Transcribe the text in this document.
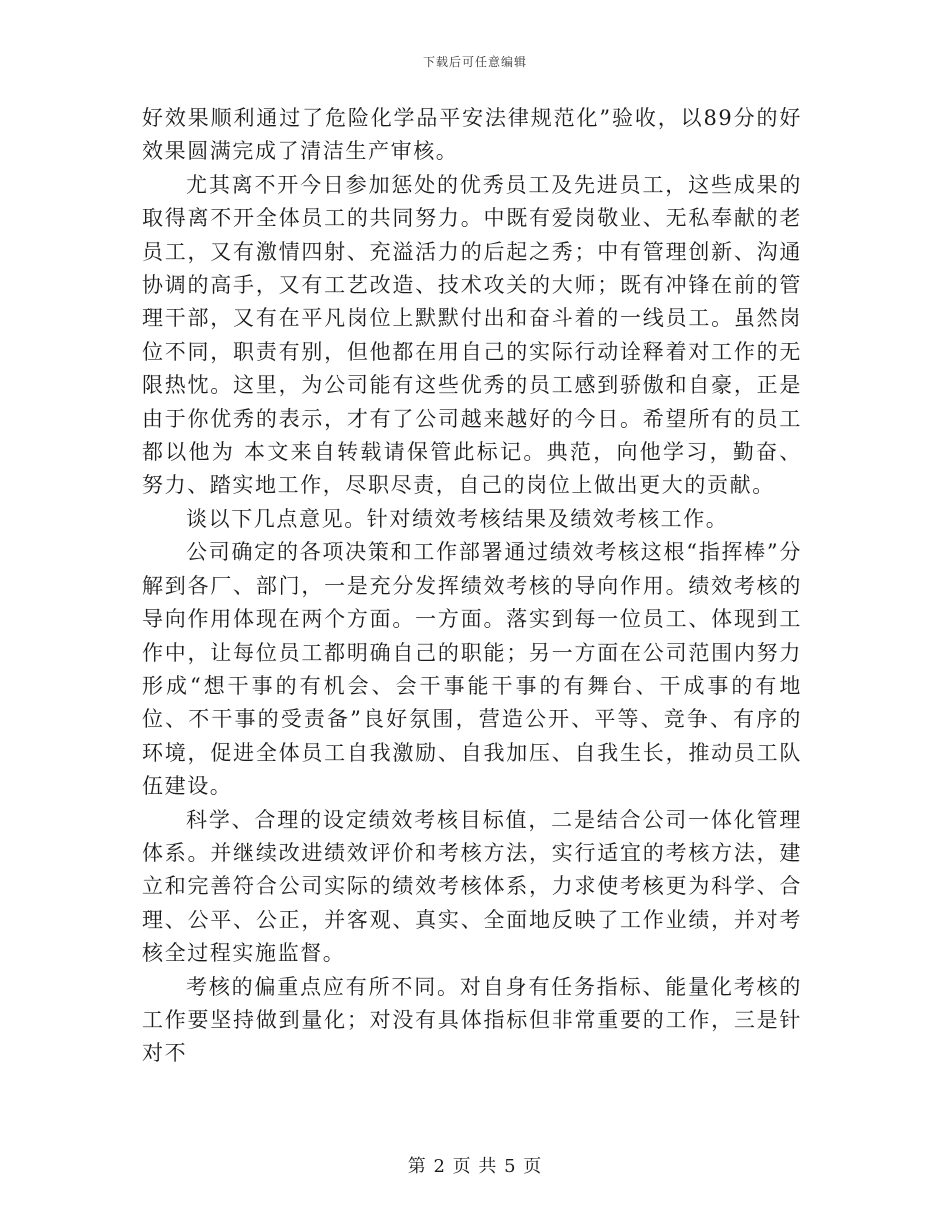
下载后可任意编辑

好效果顺利通过了危险化学品平安法律规范化”验收，以89分的好效果圆满完成了清洁生产审核。

尤其离不开今日参加惩处的优秀员工及先进员工，这些成果的取得离不开全体员工的共同努力。中既有爱岗敬业、无私奉献的老员工，又有激情四射、充溢活力的后起之秀；中有管理创新、沟通协调的高手，又有工艺改造、技术攻关的大师；既有冲锋在前的管理干部，又有在平凡岗位上默默付出和奋斗着的一线员工。虽然岗位不同，职责有别，但他都在用自己的实际行动诠释着对工作的无限热忱。这里，为公司能有这些优秀的员工感到骄傲和自豪，正是由于你优秀的表示，才有了公司越来越好的今日。希望所有的员工都以他为 本文来自转载请保管此标记。典范，向他学习，勤奋、努力、踏实地工作，尽职尽责，自己的岗位上做出更大的贡献。

谈以下几点意见。针对绩效考核结果及绩效考核工作。

公司确定的各项决策和工作部署通过绩效考核这根“指挥棒”分解到各厂、部门，一是充分发挥绩效考核的导向作用。绩效考核的导向作用体现在两个方面。一方面。落实到每一位员工、体现到工作中，让每位员工都明确自己的职能；另一方面在公司范围内努力形成“想干事的有机会、会干事能干事的有舞台、干成事的有地位、不干事的受责备”良好氛围，营造公开、平等、竞争、有序的环境，促进全体员工自我激励、自我加压、自我生长，推动员工队伍建设。

科学、合理的设定绩效考核目标值，二是结合公司一体化管理体系。并继续改进绩效评价和考核方法，实行适宜的考核方法，建立和完善符合公司实际的绩效考核体系，力求使考核更为科学、合理、公平、公正，并客观、真实、全面地反映了工作业绩，并对考核全过程实施监督。

考核的偏重点应有所不同。对自身有任务指标、能量化考核的工作要坚持做到量化；对没有具体指标但非常重要的工作，三是针对不

第 2 页 共 5 页
